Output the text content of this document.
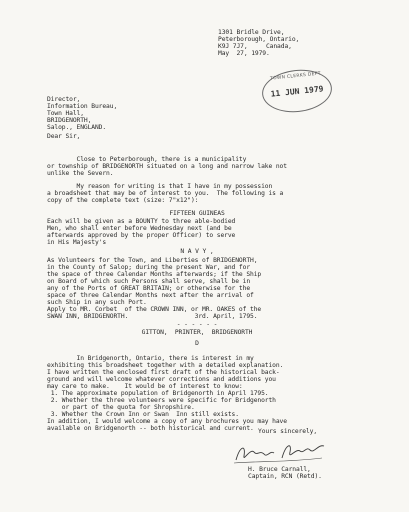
1301 Bridle Drive,
Peterborough, Ontario,
K9J 7J7,     Canada,
May  27, 1979.
TOWN CLERKS DEPT
11 JUN 1979
Director,
Information Bureau,
Town Hall,
BRIDGENORTH,
Salop., ENGLAND.
Dear Sir,
Close to Peterborough, there is a municipality
or township of BRIDGENORTH situated on a long and narrow lake not
unlike the Severn.
My reason for writing is that I have in my possession
a broadsheet that may be of interest to you.  The following is a
copy of the complete text (size: 7"x12"):
FIFTEEN GUINEAS
Each will be given as a BOUNTY to three able-bodied
Men, who shall enter before Wednesday next (and be
afterwards approved by the proper Officer) to serve
in His Majesty's
N A V Y ,
As Volunteers for the Town, and Liberties of BRIDGENORTH,
in the County of Salop; during the present War, and for
the space of three Calendar Months afterwards; if the Ship
on Board of which such Persons shall serve, shall be in
any of the Ports of GREAT BRITAIN; or otherwise for the
space of three Calendar Months next after the arrival of
such Ship in any such Port.
Apply to MR. Corbet  of the CROWN INN, or MR. OAKES of the
SWAN INN, BRIDGENORTH.                  3rd. April, 1795.
- - - - - -
GITTON,  PRINTER,  BRIDGENORTH
D
In Bridgenorth, Ontario, there is interest in my
exhibiting this broadsheet together with a detailed explanation.
I have written the enclosed first draft of the historical back-
ground and will welcome whatever corrections and additions you
may care to make.    It would be of interest to know:
1. The approximate population of Bridgenorth in April 1795.
2. Whether the three volunteers were specific for Bridgenorth
or part of the quota for Shropshire.
3. Whether the Crown Inn or Swan  Inn still exists.
In addition, I would welcome a copy of any brochures you may have
available on Bridgenorth -- both historical and current. Yours sincerely,
H. Bruce Carnall,
Captain, RCN (Retd).
